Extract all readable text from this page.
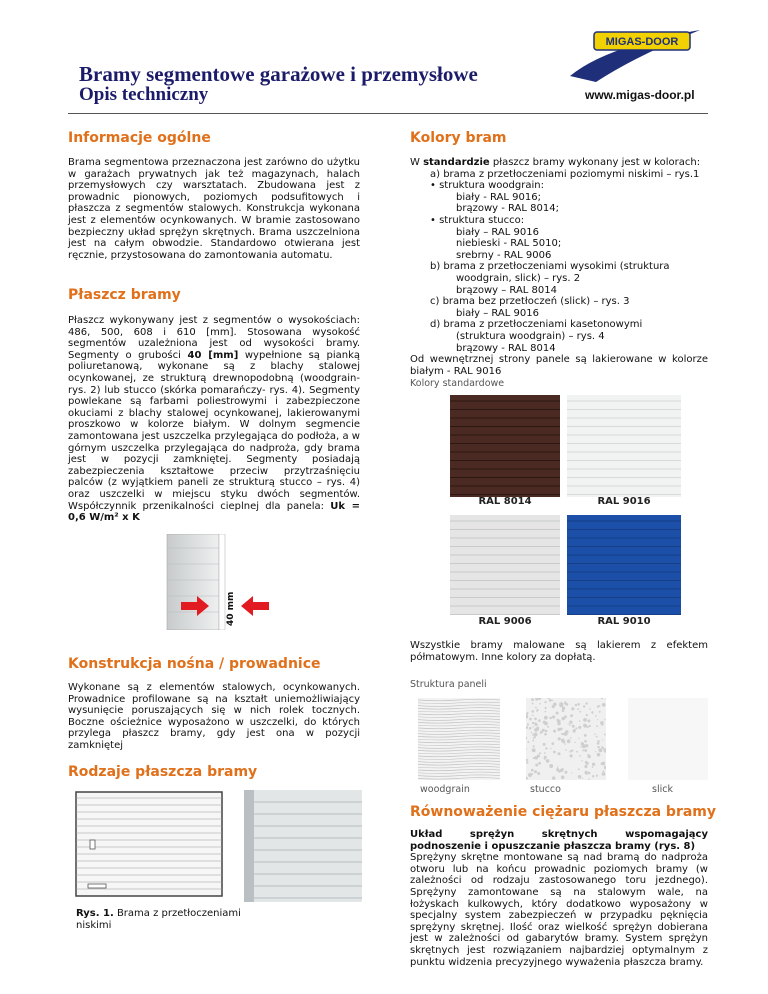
Bramy segmentowe garażowe i przemysłowe
Opis techniczny
MIGAS-DOOR
www.migas-door.pl
Informacje ogólne

Brama segmentowa przeznaczona jest zarówno do użytku w garażach prywatnych jak też magazynach, halach przemysłowych czy warsztatach. Zbudowana jest z prowadnic pionowych, poziomych podsufitowych i płaszcza z segmentów stalowych. Konstrukcja wykonana jest z elementów ocynkowanych. W bramie zastosowano bezpieczny układ sprężyn skrętnych. Brama uszczelniona jest na całym obwodzie. Standardowo otwierana jest ręcznie, przystosowana do zamontowania automatu.

Płaszcz bramy

Płaszcz wykonywany jest z segmentów o wysokościach: 486, 500, 608 i 610 [mm]. Stosowana wysokość segmentów uzależniona jest od wysokości bramy. Segmenty o grubości 40 [mm] wypełnione są pianką poliuretanową, wykonane są z blachy stalowej ocynkowanej, ze strukturą drewnopodobną (woodgrain- rys. 2) lub stucco (skórka pomarańczy- rys. 4). Segmenty powlekane są farbami poliestrowymi i zabezpieczone okuciami z blachy stalowej ocynkowanej, lakierowanymi proszkowo w kolorze białym. W dolnym segmencie zamontowana jest uszczelka przylegająca do podłoża, a w górnym uszczelka przylegająca do nadproża, gdy brama jest w pozycji zamkniętej. Segmenty posiadają zabezpieczenia kształtowe przeciw przytrzaśnięciu palców (z wyjątkiem paneli ze strukturą stucco – rys. 4) oraz uszczelki w miejscu styku dwóch segmentów. Współczynnik przenikalności cieplnej dla panela: Uk = 0,6 W/m² x K

40 mm
Konstrukcja nośna / prowadnice

Wykonane są z elementów stalowych, ocynkowanych. Prowadnice profilowane są na kształt uniemożliwiający wysunięcie poruszających się w nich rolek tocznych. Boczne ościeżnice wyposażono w uszczelki, do których przylega płaszcz bramy, gdy jest ona w pozycji zamkniętej

Rodzaje płaszcza bramy
Rys. 1. Brama z przetłoczeniami niskimi
Kolory bram
W standardzie płaszcz bramy wykonany jest w kolorach:
a) brama z przetłoczeniami poziomymi niskimi – rys.1
• struktura woodgrain:
biały - RAL 9016;
brązowy - RAL 8014;
• struktura stucco:
biały – RAL 9016
niebieski - RAL 5010;
srebrny - RAL 9006
b) brama z przetłoczeniami wysokimi (struktura
woodgrain, slick) – rys. 2
brązowy – RAL 8014
c) brama bez przetłoczeń (slick) – rys. 3
biały – RAL 9016
d) brama z przetłoczeniami kasetonowymi
(struktura woodgrain) – rys. 4
brązowy - RAL 8014
Od wewnętrznej strony panele są lakierowane w kolorze białym - RAL 9016
Kolory standardowe
RAL 8014	RAL 9016
RAL 9006	RAL 9010
Wszystkie bramy malowane są lakierem z efektem półmatowym. Inne kolory za dopłatą.
Struktura paneli
woodgrain	stucco	slick
Równoważenie ciężaru płaszcza bramy

Układ sprężyn skrętnych wspomagający podnoszenie i opuszczanie płaszcza bramy (rys. 8)

Sprężyny skrętne montowane są nad bramą do nadproża otworu lub na końcu prowadnic poziomych bramy (w zależności od rodzaju zastosowanego toru jezdnego). Sprężyny zamontowane są na stalowym wale, na łożyskach kulkowych, który dodatkowo wyposażony w specjalny system zabezpieczeń w przypadku pęknięcia sprężyny skrętnej. Ilość oraz wielkość sprężyn dobierana jest w zależności od gabarytów bramy. System sprężyn skrętnych jest rozwiązaniem najbardziej optymalnym z punktu widzenia precyzyjnego wyważenia płaszcza bramy.
